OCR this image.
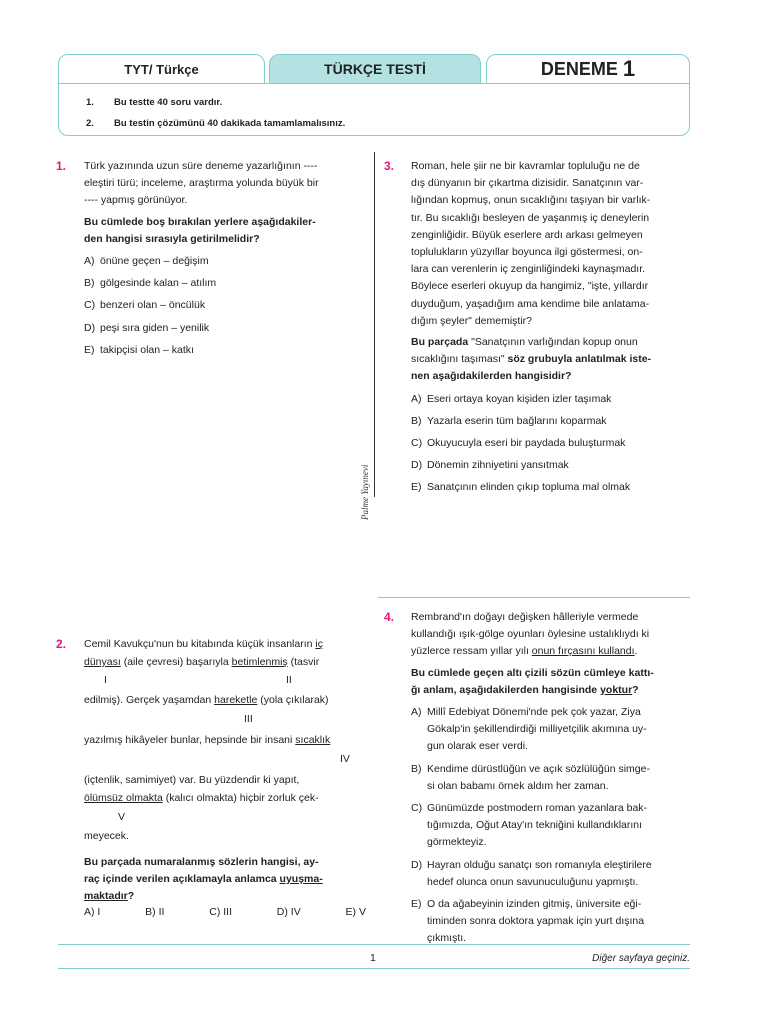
TYT/ Türkçe	TÜRKÇE TESTİ	DENEME 1
1. Bu testte 40 soru vardır.
2. Bu testin çözümünü 40 dakikada tamamlamalısınız.
Palme Yayınevi
1. Türk yazınında uzun süre deneme yazarlığının ----

eleştiri türü; inceleme, araştırma yolunda büyük bir

---- yapmış görünüyor.

Bu cümlede boş bırakılan yerlere aşağıdakiler-
den hangisi sırasıyla getirilmelidir?

A) önüne geçen – değişim
B) gölgesinde kalan – atılım
C) benzeri olan – öncülük
D) peşi sıra giden – yenilik
E) takipçisi olan – katkı
2. Cemil Kavukçu'nun bu kitabında küçük insanların iç

dünyası (aile çevresi) başarıyla betimlenmiş (tasvir

edilmiş). Gerçek yaşamdan hareketle (yola çıkılarak)

yazılmış hikâyeler bunlar, hepsinde bir insani sıcaklık

(içtenlik, samimiyet) var. Bu yüzdendir ki yapıt,

ölümsüz olmakta (kalıcı olmakta) hiçbir zorluk çek-

meyecek.

Bu parçada numaralanmış sözlerin hangisi, ay-
raç içinde verilen açıklamayla anlamca uyuşma-
maktadır?

I	II
III
IV
V
A) I	B) II	C) III	D) IV	E) V
3. Roman, hele şiir ne bir kavramlar topluluğu ne de

dış dünyanın bir çıkartma dizisidir. Sanatçının var-

lığından kopmuş, onun sıcaklığını taşıyan bir varlık-

tır. Bu sıcaklığı besleyen de yaşanmış iç deneylerin

zenginliğidir. Büyük eserlere ardı arkası gelmeyen

toplulukların yüzyıllar boyunca ilgi göstermesi, on-

lara can verenlerin iç zenginliğindeki kaynaşmadır.

Böylece eserleri okuyup da hangimiz, "işte, yıllardır

duyduğum, yaşadığım ama kendime bile anlatama-

dığım şeyler" dememiştir?

Bu parçada "Sanatçının varlığından kopup onun
sıcaklığını taşıması" söz grubuyla anlatılmak iste-
nen aşağıdakilerden hangisidir?

A) Eseri ortaya koyan kişiden izler taşımak
B) Yazarla eserin tüm bağlarını koparmak
C) Okuyucuyla eseri bir paydada buluşturmak
D) Dönemin zihniyetini yansıtmak
E) Sanatçının elinden çıkıp topluma mal olmak
4. Rembrand'ın doğayı değişken hâlleriyle vermede

kullandığı ışık-gölge oyunları öylesine ustalıklıydı ki

yüzlerce ressam yıllar yılı onun fırçasını kullandı.

Bu cümlede geçen altı çizili sözün cümleye kattı-
ğı anlam, aşağıdakilerden hangisinde yoktur?

A) Millî Edebiyat Dönemi'nde pek çok yazar, Ziya
Gökalp'in şekillendirdiği milliyetçilik akımına uy-
gun olarak eser verdi.
B) Kendime dürüstlüğün ve açık sözlülüğün simge-
si olan babamı örnek aldım her zaman.
C) Günümüzde postmodern roman yazanlara bak-
tığımızda, Oğut Atay'ın tekniğini kullandıklarını
görmekteyiz.
D) Hayran olduğu sanatçı son romanıyla eleştirilere
hedef olunca onun savunuculuğunu yapmıştı.
E) O da ağabeyinin izinden gitmiş, üniversite eği-
timinden sonra doktora yapmak için yurt dışına
çıkmıştı.
1	Diğer sayfaya geçiniz.
